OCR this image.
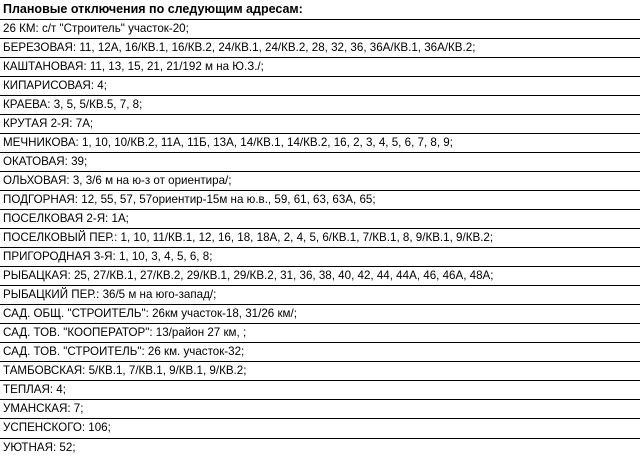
Плановые отключения по следующим адресам:
26 КМ: с/т "Строитель" участок-20;
БЕРЕЗОВАЯ: 11, 12А, 16/КВ.1, 16/КВ.2, 24/КВ.1, 24/КВ.2, 28, 32, 36, 36А/КВ.1, 36А/КВ.2;
КАШТАНОВАЯ: 11, 13, 15, 21, 21/192 м на Ю.З./;
КИПАРИСОВАЯ: 4;
КРАЕВА: 3, 5, 5/КВ.5, 7, 8;
КРУТАЯ 2-Я: 7А;
МЕЧНИКОВА: 1, 10, 10/КВ.2, 11А, 11Б, 13А, 14/КВ.1, 14/КВ.2, 16, 2, 3, 4, 5, 6, 7, 8, 9;
ОКАТОВАЯ: 39;
ОЛЬХОВАЯ: 3, 3/6 м на ю-з от ориентира/;
ПОДГОРНАЯ: 12, 55, 57, 57ориентир-15м на ю.в., 59, 61, 63, 63А, 65;
ПОСЕЛКОВАЯ 2-Я: 1А;
ПОСЕЛКОВЫЙ ПЕР.: 1, 10, 11/КВ.1, 12, 16, 18, 18А, 2, 4, 5, 6/КВ.1, 7/КВ.1, 8, 9/КВ.1, 9/КВ.2;
ПРИГОРОДНАЯ 3-Я: 1, 10, 3, 4, 5, 6, 8;
РЫБАЦКАЯ: 25, 27/КВ.1, 27/КВ.2, 29/КВ.1, 29/КВ.2, 31, 36, 38, 40, 42, 44, 44А, 46, 46А, 48А;
РЫБАЦКИЙ ПЕР.: 36/5 м на юго-запад/;
САД. ОБЩ. "СТРОИТЕЛЬ": 26км участок-18, 31/26 км/;
САД. ТОВ. "КООПЕРАТОР": 13/район 27 км, ;
САД. ТОВ. "СТРОИТЕЛЬ": 26 км. участок-32;
ТАМБОВСКАЯ: 5/КВ.1, 7/КВ.1, 9/КВ.1, 9/КВ.2;
ТЕПЛАЯ: 4;
УМАНСКАЯ: 7;
УСПЕНСКОГО: 106;
УЮТНАЯ: 52;
